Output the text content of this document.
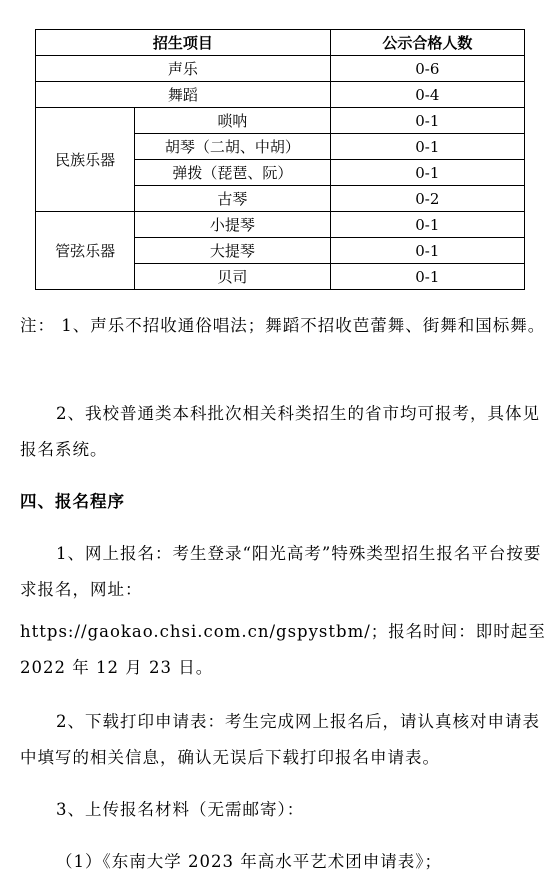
招生项目		公示合格人数
声乐		0-6
舞蹈		0-4
民族乐器	唢呐	0-1
	胡琴（二胡、中胡）	0-1
	弹拨（琵琶、阮）	0-1
	古琴	0-2
管弦乐器	小提琴	0-1
	大提琴	0-1
	贝司	0-1

注： 1、声乐不招收通俗唱法；舞蹈不招收芭蕾舞、街舞和国标舞。

2、我校普通类本科批次相关科类招生的省市均可报考，具体见报名系统。

四、报名程序

1、网上报名：考生登录“阳光高考”特殊类型招生报名平台按要求报名，网址：

https://gaokao.chsi.com.cn/gspystbm/；报名时间：即时起至 2022 年 12 月 23 日。

2、下载打印申请表：考生完成网上报名后，请认真核对申请表中填写的相关信息，确认无误后下载打印报名申请表。

3、上传报名材料（无需邮寄）：

（1）《东南大学 2023 年高水平艺术团申请表》；
